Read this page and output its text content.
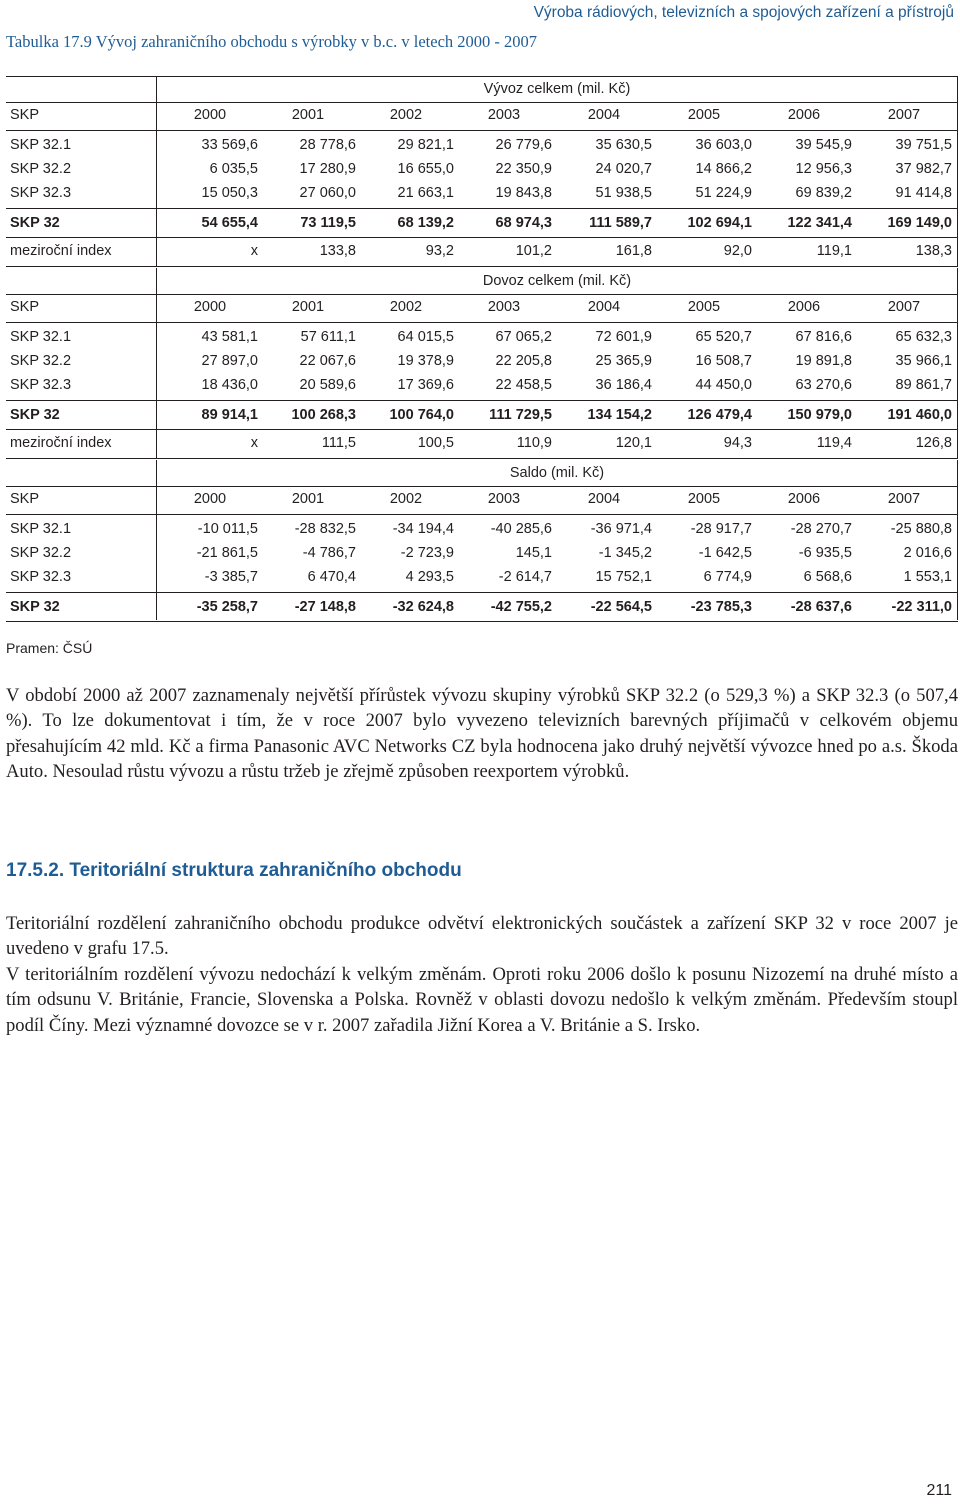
Výroba rádiových, televizních a spojových zařízení a přístrojů
Tabulka 17.9 Vývoj zahraničního obchodu s výrobky v b.c. v letech 2000 - 2007
Vývoz celkem (mil. Kč)
SKP	2000	2001	2002	2003	2004	2005	2006	2007
SKP 32.1	33 569,6	28 778,6	29 821,1	26 779,6	35 630,5	36 603,0	39 545,9	39 751,5
SKP 32.2	6 035,5	17 280,9	16 655,0	22 350,9	24 020,7	14 866,2	12 956,3	37 982,7
SKP 32.3	15 050,3	27 060,0	21 663,1	19 843,8	51 938,5	51 224,9	69 839,2	91 414,8
SKP 32	54 655,4	73 119,5	68 139,2	68 974,3	111 589,7	102 694,1	122 341,4	169 149,0
meziroční index	x	133,8	93,2	101,2	161,8	92,0	119,1	138,3
Dovoz celkem (mil. Kč)
SKP	2000	2001	2002	2003	2004	2005	2006	2007
SKP 32.1	43 581,1	57 611,1	64 015,5	67 065,2	72 601,9	65 520,7	67 816,6	65 632,3
SKP 32.2	27 897,0	22 067,6	19 378,9	22 205,8	25 365,9	16 508,7	19 891,8	35 966,1
SKP 32.3	18 436,0	20 589,6	17 369,6	22 458,5	36 186,4	44 450,0	63 270,6	89 861,7
SKP 32	89 914,1	100 268,3	100 764,0	111 729,5	134 154,2	126 479,4	150 979,0	191 460,0
meziroční index	x	111,5	100,5	110,9	120,1	94,3	119,4	126,8
Saldo (mil. Kč)
SKP	2000	2001	2002	2003	2004	2005	2006	2007
SKP 32.1	-10 011,5	-28 832,5	-34 194,4	-40 285,6	-36 971,4	-28 917,7	-28 270,7	-25 880,8
SKP 32.2	-21 861,5	-4 786,7	-2 723,9	145,1	-1 345,2	-1 642,5	-6 935,5	2 016,6
SKP 32.3	-3 385,7	6 470,4	4 293,5	-2 614,7	15 752,1	6 774,9	6 568,6	1 553,1
SKP 32	-35 258,7	-27 148,8	-32 624,8	-42 755,2	-22 564,5	-23 785,3	-28 637,6	-22 311,0
Pramen: ČSÚ
V období 2000 až 2007 zaznamenaly největší přírůstek vývozu skupiny výrobků SKP 32.2 (o 529,3 %) a SKP 32.3 (o 507,4 %). To lze dokumentovat i tím, že v roce 2007 bylo vyvezeno televizních barevných příjimačů v celkovém objemu přesahujícím 42 mld. Kč a firma Panasonic AVC Networks CZ byla hodnocena jako druhý největší vývozce hned po a.s. Škoda Auto. Nesoulad růstu vývozu a růstu tržeb je zřejmě způsoben reexportem výrobků.
17.5.2. Teritoriální struktura zahraničního obchodu
Teritoriální rozdělení zahraničního obchodu produkce odvětví elektronických součástek a zařízení SKP 32 v roce 2007 je uvedeno v grafu 17.5.
V teritoriálním rozdělení vývozu nedochází k velkým změnám. Oproti roku 2006 došlo k posunu Nizozemí na druhé místo a tím odsunu V. Británie, Francie, Slovenska a Polska. Rovněž v oblasti dovozu nedošlo k velkým změnám. Především stoupl podíl Číny. Mezi významné dovozce se v r. 2007 zařadila Jižní Korea a V. Británie a S. Irsko.
211
